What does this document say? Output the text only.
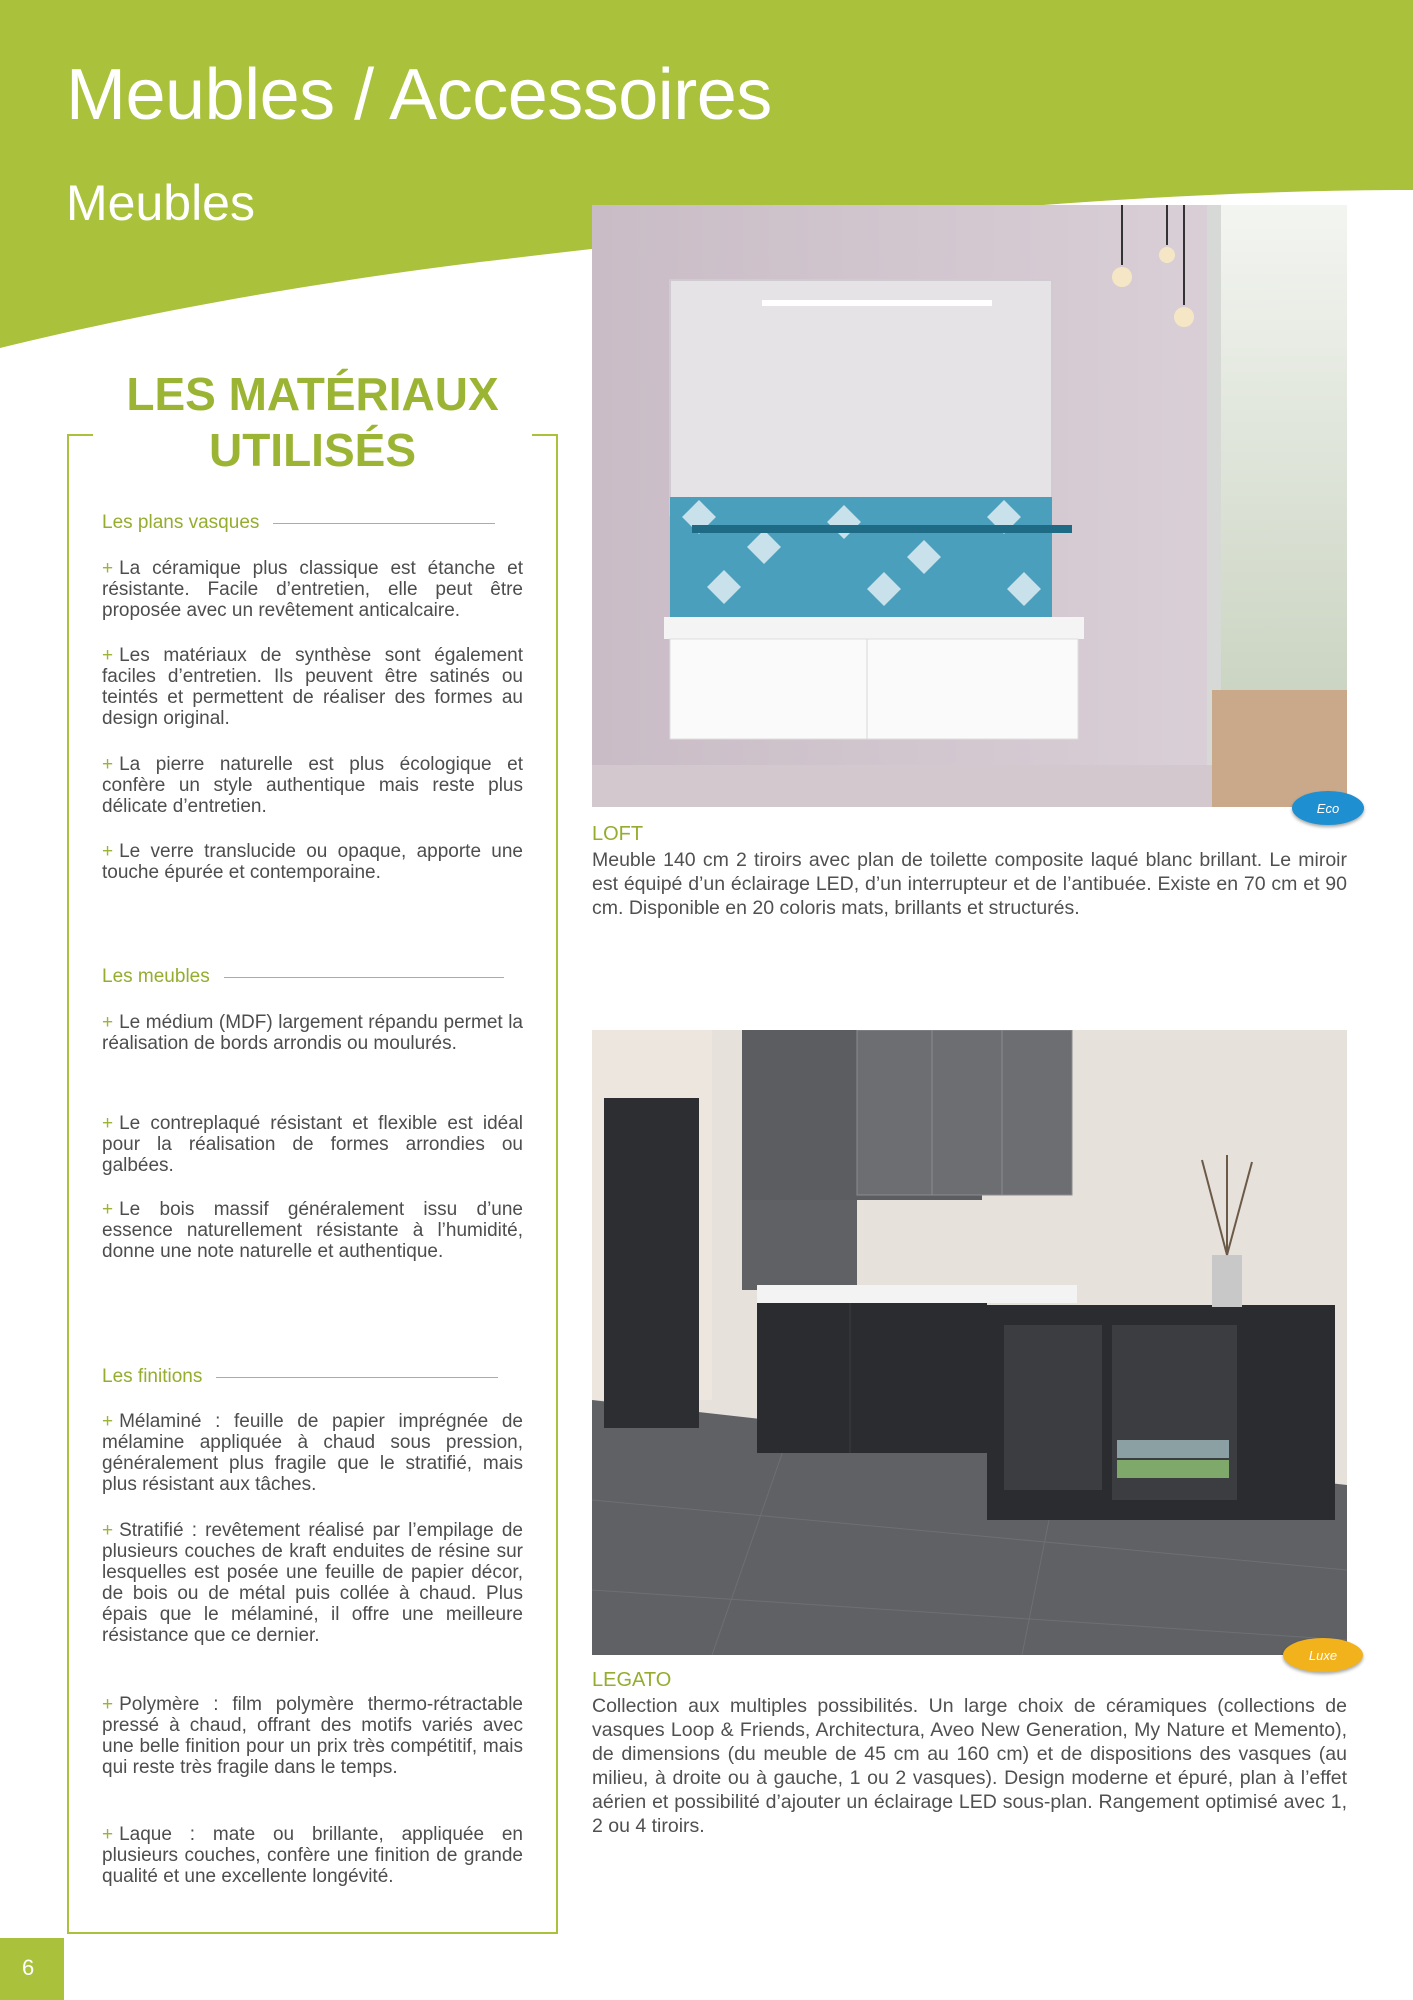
Meubles / Accessoires
Meubles
LES MATÉRIAUX UTILISÉS
Les plans vasques
+ La céramique plus classique est étanche et résistante. Facile d’entretien, elle peut être proposée avec un revêtement anticalcaire.
+ Les matériaux de synthèse sont également faciles d’entretien. Ils peuvent être satinés ou teintés et permettent de réaliser des formes au design original.
+ La pierre naturelle est plus écologique et confère un style authentique mais reste plus délicate d’entretien.
+ Le verre translucide ou opaque, apporte une touche épurée et contemporaine.
Les meubles
+ Le médium (MDF) largement répandu permet la réalisation de bords arrondis ou moulurés.
+ Le contreplaqué résistant et flexible est idéal pour la réalisation de formes arrondies ou galbées.
+ Le bois massif généralement issu d’une essence naturellement résistante à l’humidité, donne une note naturelle et authentique.
Les finitions
+ Mélaminé : feuille de papier imprégnée de mélamine appliquée à chaud sous pression, généralement plus fragile que le stratifié, mais plus résistant aux tâches.
+ Stratifié : revêtement réalisé par l’empilage de plusieurs couches de kraft enduites de résine sur lesquelles est posée une feuille de papier décor, de bois ou de métal puis collée à chaud. Plus épais que le mélaminé, il offre une meilleure résistance que ce dernier.
+ Polymère : film polymère thermo-rétractable pressé à chaud, offrant des motifs variés avec une belle finition pour un prix très compétitif, mais qui reste très fragile dans le temps.
+ Laque : mate ou brillante, appliquée en plusieurs couches, confère une finition de grande qualité et une excellente longévité.
Eco
LOFT
Meuble 140 cm 2 tiroirs avec plan de toilette composite laqué blanc brillant. Le miroir est équipé d’un éclairage LED, d’un interrupteur et de l’antibuée. Existe en 70 cm et 90 cm. Disponible en 20 coloris mats, brillants et structurés.
Luxe
LEGATO
Collection aux multiples possibilités. Un large choix de céramiques (collections de vasques Loop & Friends, Architectura, Aveo New Generation, My Nature et Memento), de dimensions (du meuble de 45 cm au 160 cm) et de dispositions des vasques (au milieu, à droite ou à gauche, 1 ou 2 vasques). Design moderne et épuré, plan à l’effet aérien et possibilité d’ajouter un éclairage LED sous-plan. Rangement optimisé avec 1, 2 ou 4 tiroirs.
6
